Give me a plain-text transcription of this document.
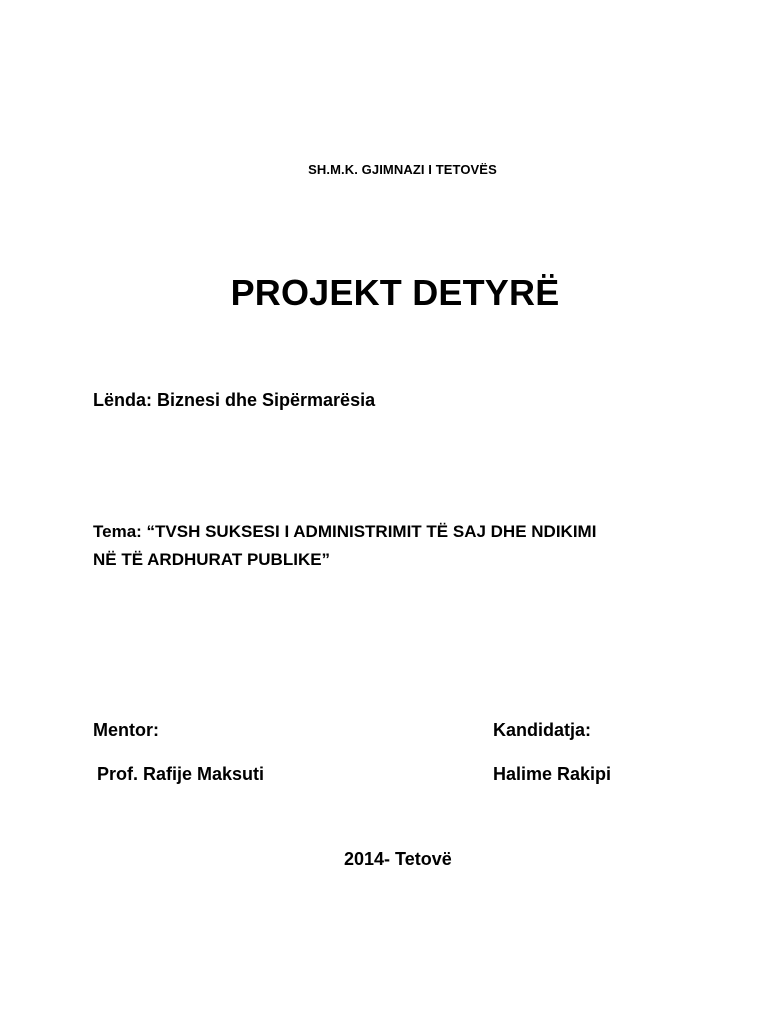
SH.M.K. GJIMNAZI I TETOVËS
PROJEKT DETYRË
Lënda: Biznesi dhe Sipërmarësia
Tema: “TVSH SUKSESI I ADMINISTRIMIT TË SAJ DHE NDIKIMI
NË TË ARDHURAT PUBLIKE”
Mentor:
Prof. Rafije Maksuti
Kandidatja:
Halime Rakipi
2014- Tetovë
